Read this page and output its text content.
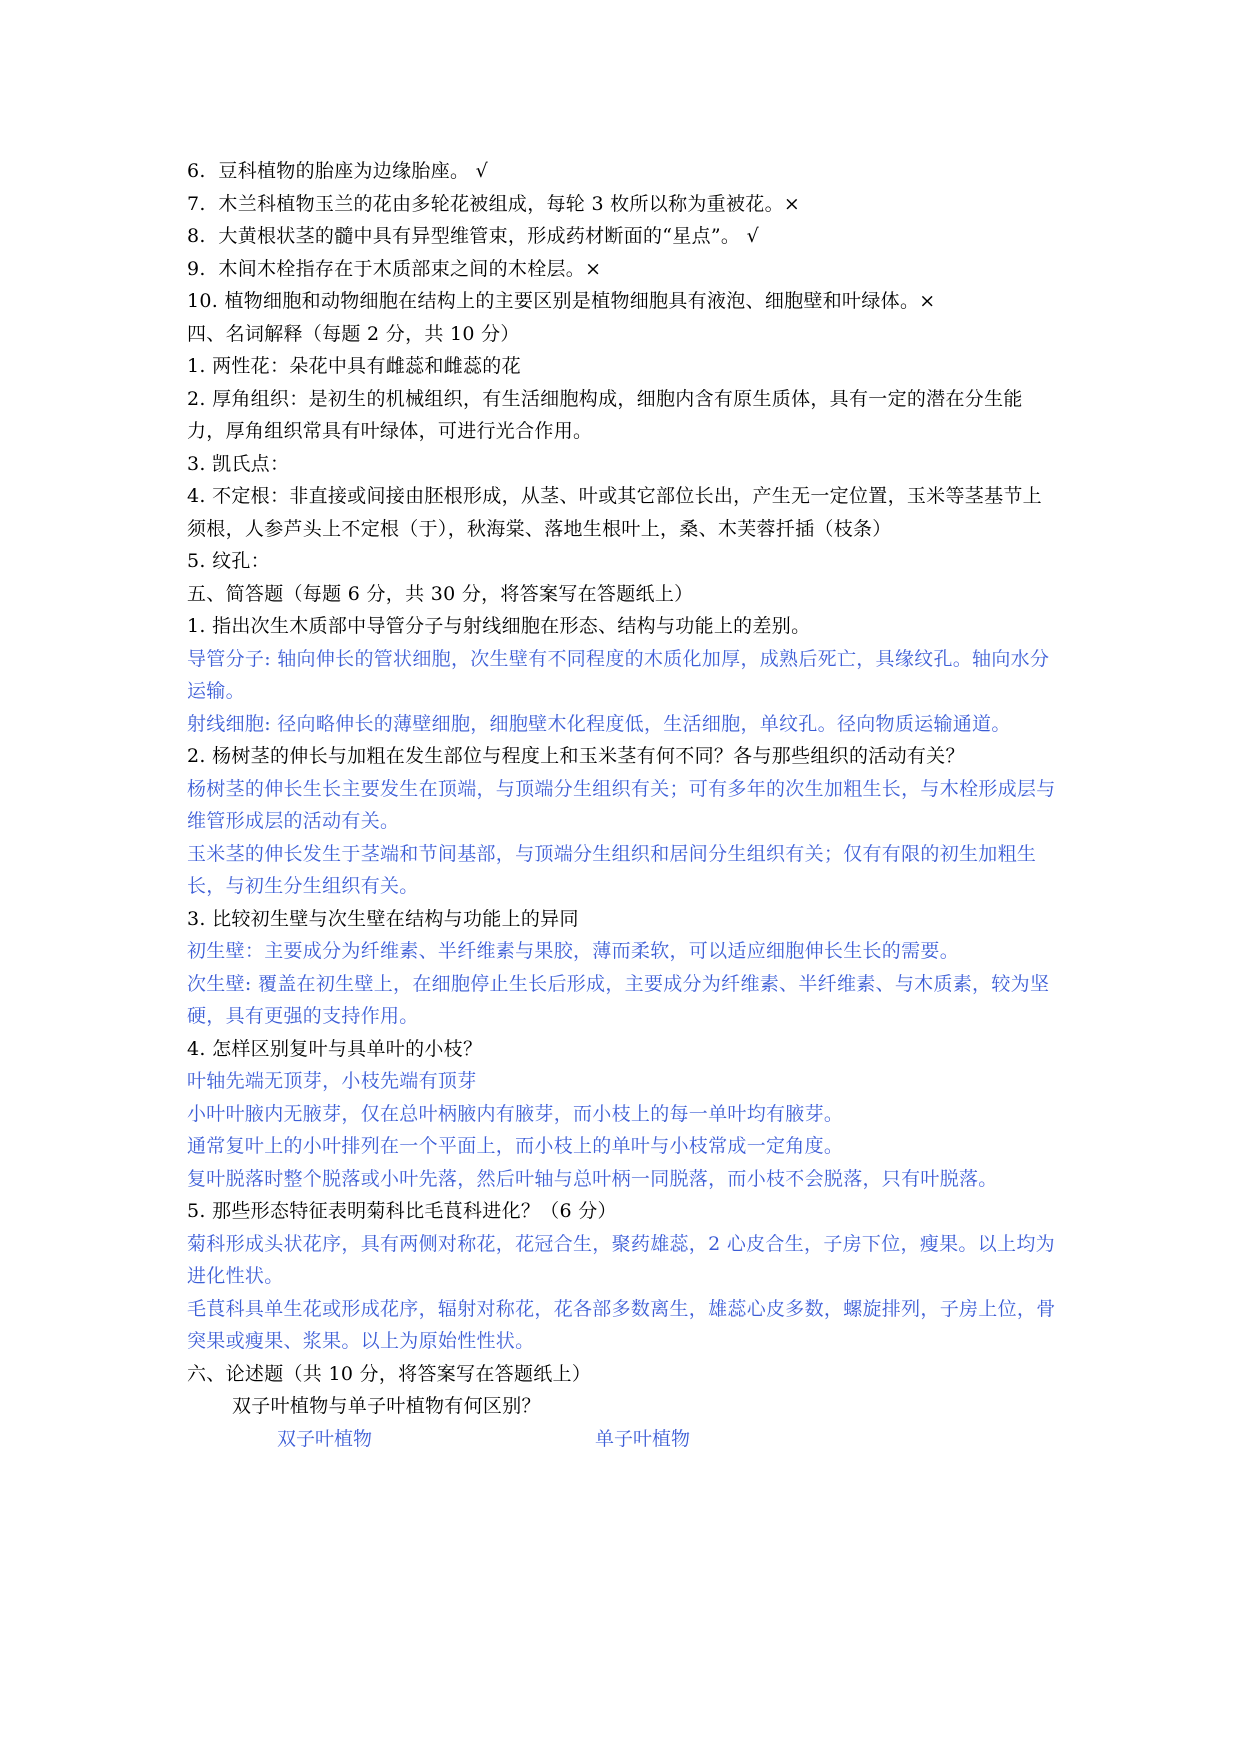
6.  豆科植物的胎座为边缘胎座。 √

7.  木兰科植物玉兰的花由多轮花被组成，每轮 3 枚所以称为重被花。×

8.  大黄根状茎的髓中具有异型维管束，形成药材断面的“星点”。 √

9.  木间木栓指存在于木质部束之间的木栓层。×

10. 植物细胞和动物细胞在结构上的主要区别是植物细胞具有液泡、细胞壁和叶绿体。×

四、名词解释（每题 2 分，共 10 分）

1. 两性花：朵花中具有雌蕊和雌蕊的花

2. 厚角组织：是初生的机械组织，有生活细胞构成，细胞内含有原生质体，具有一定的潜在分生能力，厚角组织常具有叶绿体，可进行光合作用。

3. 凯氏点：

4. 不定根：非直接或间接由胚根形成，从茎、叶或其它部位长出，产生无一定位置，玉米等茎基节上须根，人参芦头上不定根（于），秋海棠、落地生根叶上，桑、木芙蓉扦插（枝条）

5. 纹孔：

五、简答题（每题 6 分，共 30 分，将答案写在答题纸上）

1. 指出次生木质部中导管分子与射线细胞在形态、结构与功能上的差别。

导管分子: 轴向伸长的管状细胞，次生壁有不同程度的木质化加厚，成熟后死亡，具缘纹孔。轴向水分运输。

射线细胞: 径向略伸长的薄壁细胞，细胞壁木化程度低，生活细胞，单纹孔。径向物质运输通道。

2. 杨树茎的伸长与加粗在发生部位与程度上和玉米茎有何不同？各与那些组织的活动有关？

杨树茎的伸长生长主要发生在顶端，与顶端分生组织有关；可有多年的次生加粗生长，与木栓形成层与维管形成层的活动有关。

玉米茎的伸长发生于茎端和节间基部，与顶端分生组织和居间分生组织有关；仅有有限的初生加粗生长，与初生分生组织有关。

3. 比较初生壁与次生壁在结构与功能上的异同

初生壁：主要成分为纤维素、半纤维素与果胶，薄而柔软，可以适应细胞伸长生长的需要。

次生壁: 覆盖在初生壁上，在细胞停止生长后形成，主要成分为纤维素、半纤维素、与木质素，较为坚硬，具有更强的支持作用。

4. 怎样区别复叶与具单叶的小枝？

叶轴先端无顶芽，小枝先端有顶芽

小叶叶腋内无腋芽，仅在总叶柄腋内有腋芽，而小枝上的每一单叶均有腋芽。

通常复叶上的小叶排列在一个平面上，而小枝上的单叶与小枝常成一定角度。

复叶脱落时整个脱落或小叶先落，然后叶轴与总叶柄一同脱落，而小枝不会脱落，只有叶脱落。

5. 那些形态特征表明菊科比毛茛科进化？（6 分）

菊科形成头状花序，具有两侧对称花，花冠合生，聚药雄蕊，2 心皮合生，子房下位，瘦果。以上均为进化性状。

毛茛科具单生花或形成花序，辐射对称花，花各部多数离生，雄蕊心皮多数，螺旋排列，子房上位，骨突果或瘦果、浆果。以上为原始性性状。

六、论述题（共 10 分，将答案写在答题纸上）

双子叶植物与单子叶植物有何区别？

双子叶植物	单子叶植物
